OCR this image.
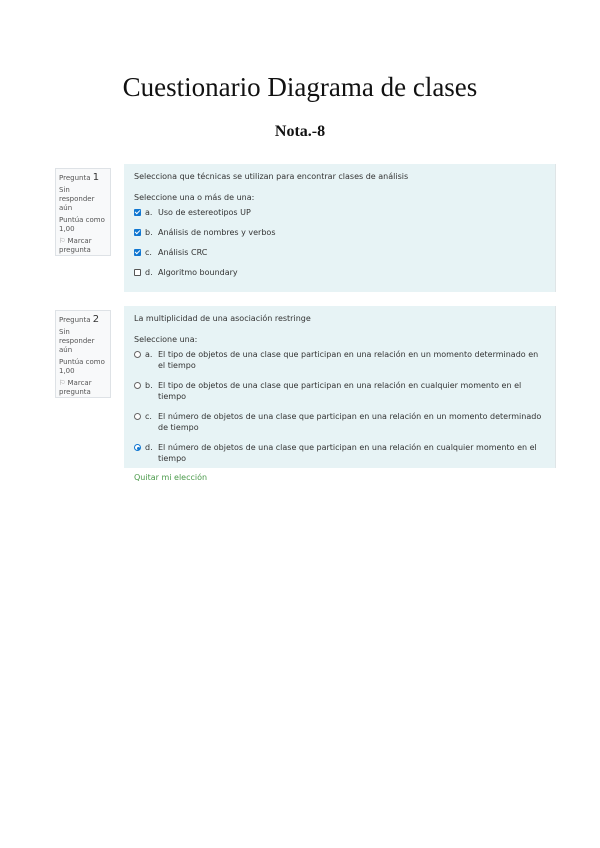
Cuestionario Diagrama de clases
Nota.-8
Pregunta 1
Sin responder aún
Puntúa como 1,00
⚐ Marcar pregunta
Selecciona que técnicas se utilizan para encontrar clases de análisis
Seleccione una o más de una:
a. Uso de estereotipos UP
b. Análisis de nombres y verbos
c. Análisis CRC
d. Algoritmo boundary
Pregunta 2
Sin responder aún
Puntúa como 1,00
⚐ Marcar pregunta
La multiplicidad de una asociación restringe
Seleccione una:
a. El tipo de objetos de una clase que participan en una relación en un momento determinado en el tiempo
b. El tipo de objetos de una clase que participan en una relación en cualquier momento en el tiempo
c. El número de objetos de una clase que participan en una relación en un momento determinado de tiempo
d. El número de objetos de una clase que participan en una relación en cualquier momento en el tiempo
Quitar mi elección
